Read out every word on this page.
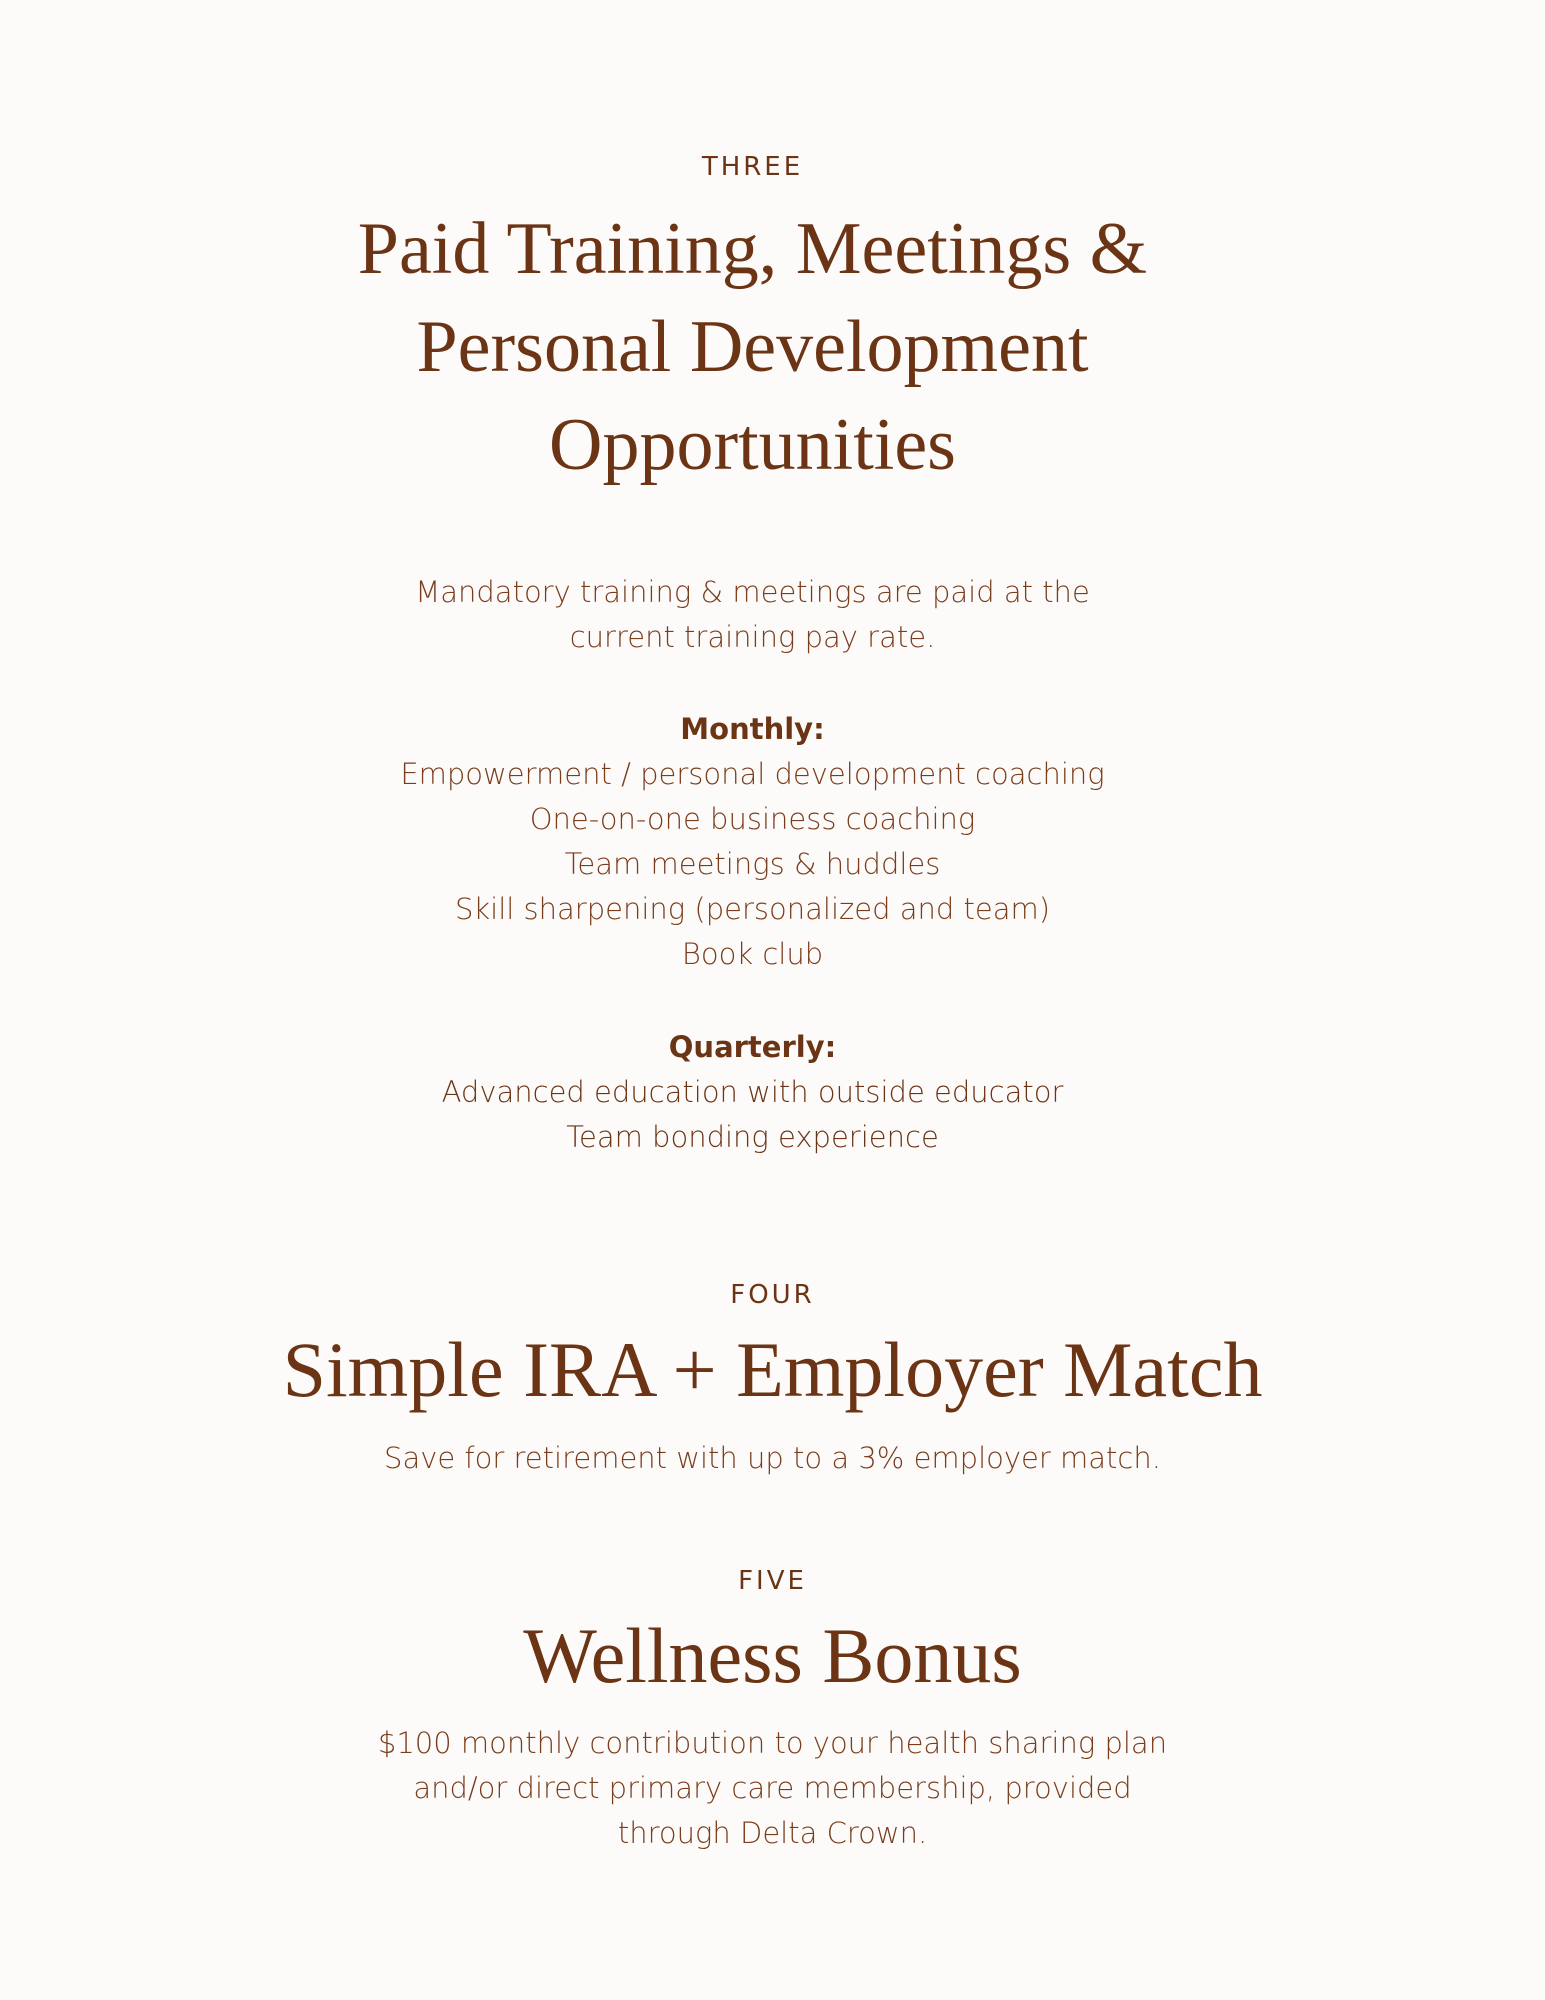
THREE

Paid Training, Meetings &

Personal Development

Opportunities

Mandatory training & meetings are paid at the

current training pay rate.

Monthly:

Empowerment / personal development coaching

One-on-one business coaching

Team meetings & huddles

Skill sharpening (personalized and team)

Book club

Quarterly:

Advanced education with outside educator

Team bonding experience

FOUR

Simple IRA + Employer Match

Save for retirement with up to a 3% employer match.

FIVE

Wellness Bonus

$100 monthly contribution to your health sharing plan

and/or direct primary care membership, provided

through Delta Crown.
